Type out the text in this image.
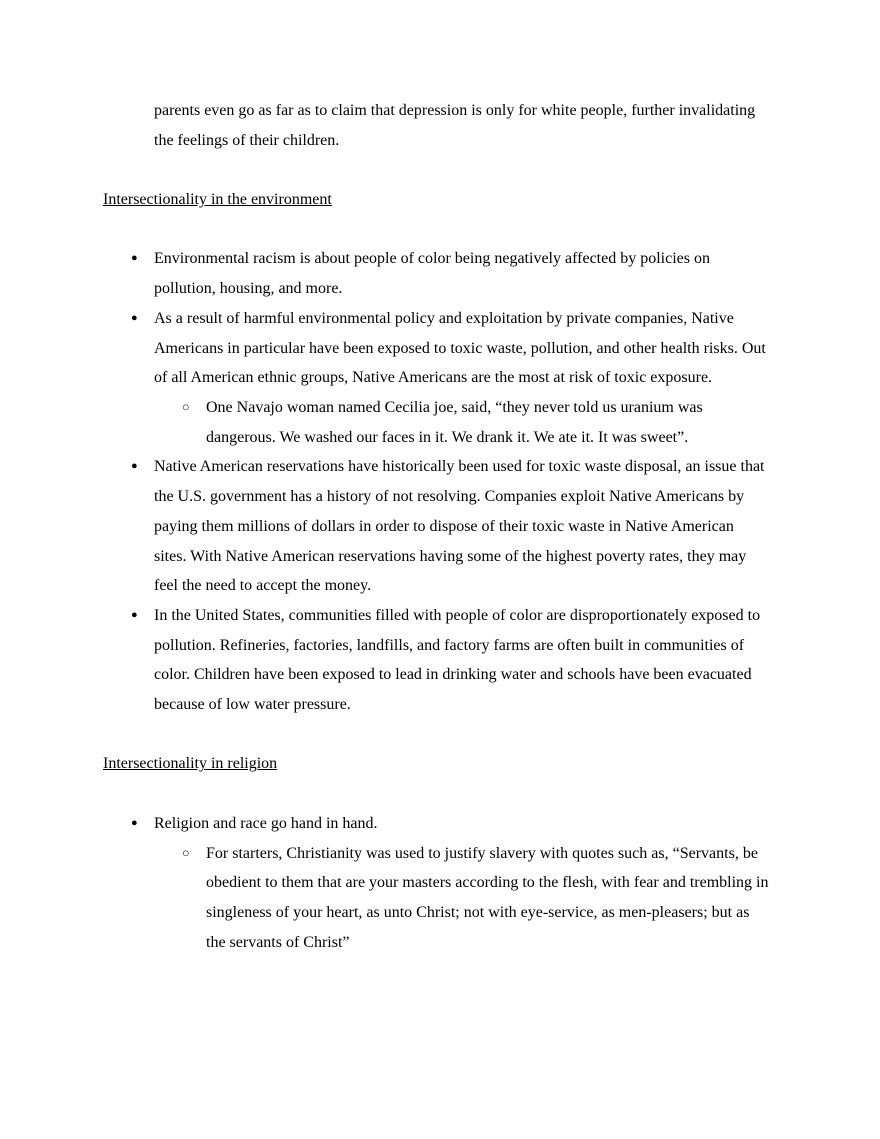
parents even go as far as to claim that depression is only for white people, further invalidating the feelings of their children.

Intersectionality in the environment
● Environmental racism is about people of color being negatively affected by policies on pollution, housing, and more.
● As a result of harmful environmental policy and exploitation by private companies, Native Americans in particular have been exposed to toxic waste, pollution, and other health risks. Out of all American ethnic groups, Native Americans are the most at risk of toxic exposure.
○ One Navajo woman named Cecilia joe, said, “they never told us uranium was dangerous. We washed our faces in it. We drank it. We ate it. It was sweet”.
● Native American reservations have historically been used for toxic waste disposal, an issue that the U.S. government has a history of not resolving. Companies exploit Native Americans by paying them millions of dollars in order to dispose of their toxic waste in Native American sites. With Native American reservations having some of the highest poverty rates, they may feel the need to accept the money.
● In the United States, communities filled with people of color are disproportionately exposed to pollution. Refineries, factories, landfills, and factory farms are often built in communities of color. Children have been exposed to lead in drinking water and schools have been evacuated because of low water pressure.
Intersectionality in religion
● Religion and race go hand in hand.
○ For starters, Christianity was used to justify slavery with quotes such as, “Servants, be obedient to them that are your masters according to the flesh, with fear and trembling in singleness of your heart, as unto Christ; not with eye-service, as men-pleasers; but as the servants of Christ”
